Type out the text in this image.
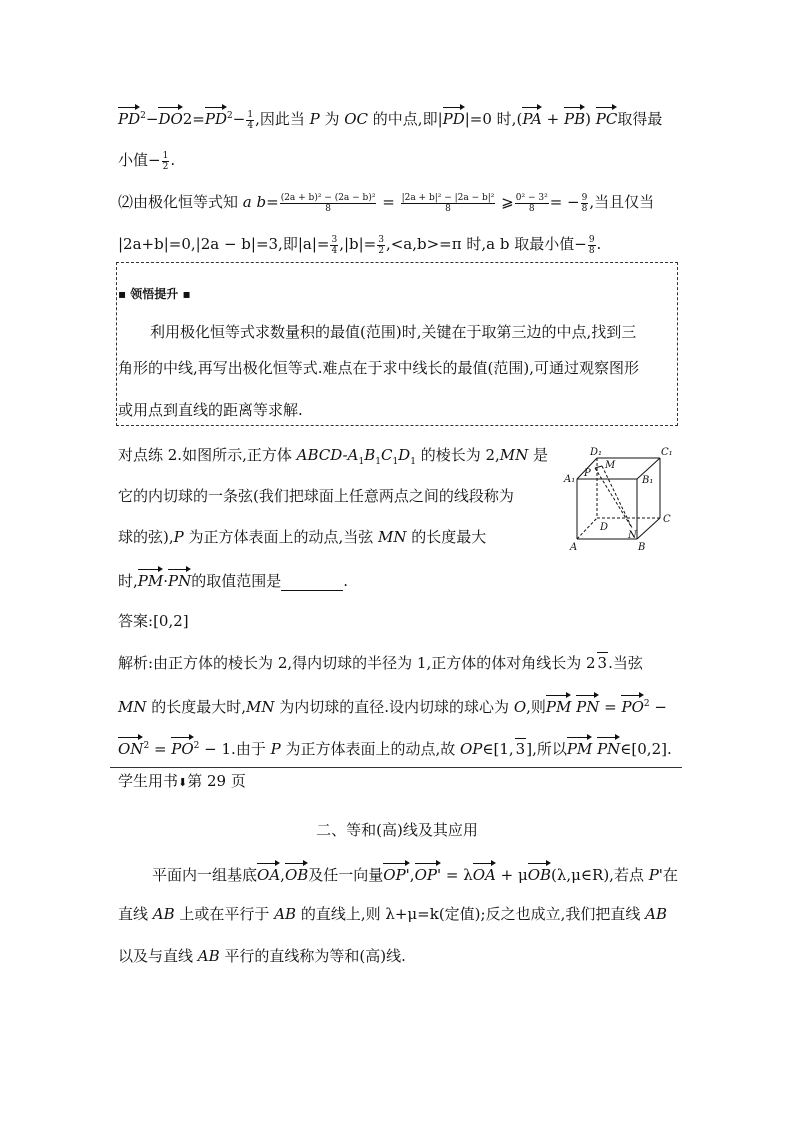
$PD^2-DO2=PD^2- \frac{1}{4}$ ,因此当 P 为 OC 的中点,即|PD|=0 时,(PA + PB) PC取得最
小值− $\frac{1}{2}$ .
⑵由极化恒等式知 a $b= \frac{\text{(2a + b)² − (2a − b)²}}{8} = \frac{\text{|2a + b|² − |2a − b|²}}{8}$ ⩾ $\frac{\text{0² − 3²}}{8}$ = − $\frac{9}{8}$ ,当且仅当
|2a+b|=0,|2a − b|=3,即$|a|= \frac{3}{4} ,|b|= \frac{3}{2} ,<a,b>=\pi$ 时,a b 取最小值− $\frac{9}{8}$ .
▪ 领悟提升 ▪
利用极化恒等式求数量积的最值(范围)时,关键在于取第三边的中点,找到三
角形的中线,再写出极化恒等式.难点在于求中线长的最值(范围),可通过观察图形
或用点到直线的距离等求解.
对点练 2.如图所示,正方体 ABCD-$A_1B_1C_1D_1$ 的棱长为 2,MN 是
它的内切球的一条弦(我们把球面上任意两点之间的线段称为
球的弦),P 为正方体表面上的动点,当弦 MN 的长度最大
时,PM·PN的取值范围是	.
D₁
M
C₁
A₁
P
B₁
D
N
C
A	B
答案:[0,2]
解析:由正方体的棱长为 2,得内切球的半径为 1,正方体的体对角线长为 2 3.当弦
MN 的长度最大时,MN 为内切球的直径.设内切球的球心为 O,则PM PN = $PO^2$ −
$ON^2 = PO^2 - 1$.由于 P 为正方体表面上的动点,故 OP∈[1, 3],所以PM PN∈[0,2].
学生用书⬇第 29 页
二、等和(高)线及其应用
平面内一组基底OA,OB及任一向量OP',OP' = λOA + μOB(λ,μ∈R),若点 P'在
直线 AB 上或在平行于 AB 的直线上,则 λ+μ=k(定值);反之也成立,我们把直线 AB
以及与直线 AB 平行的直线称为等和(高)线.
